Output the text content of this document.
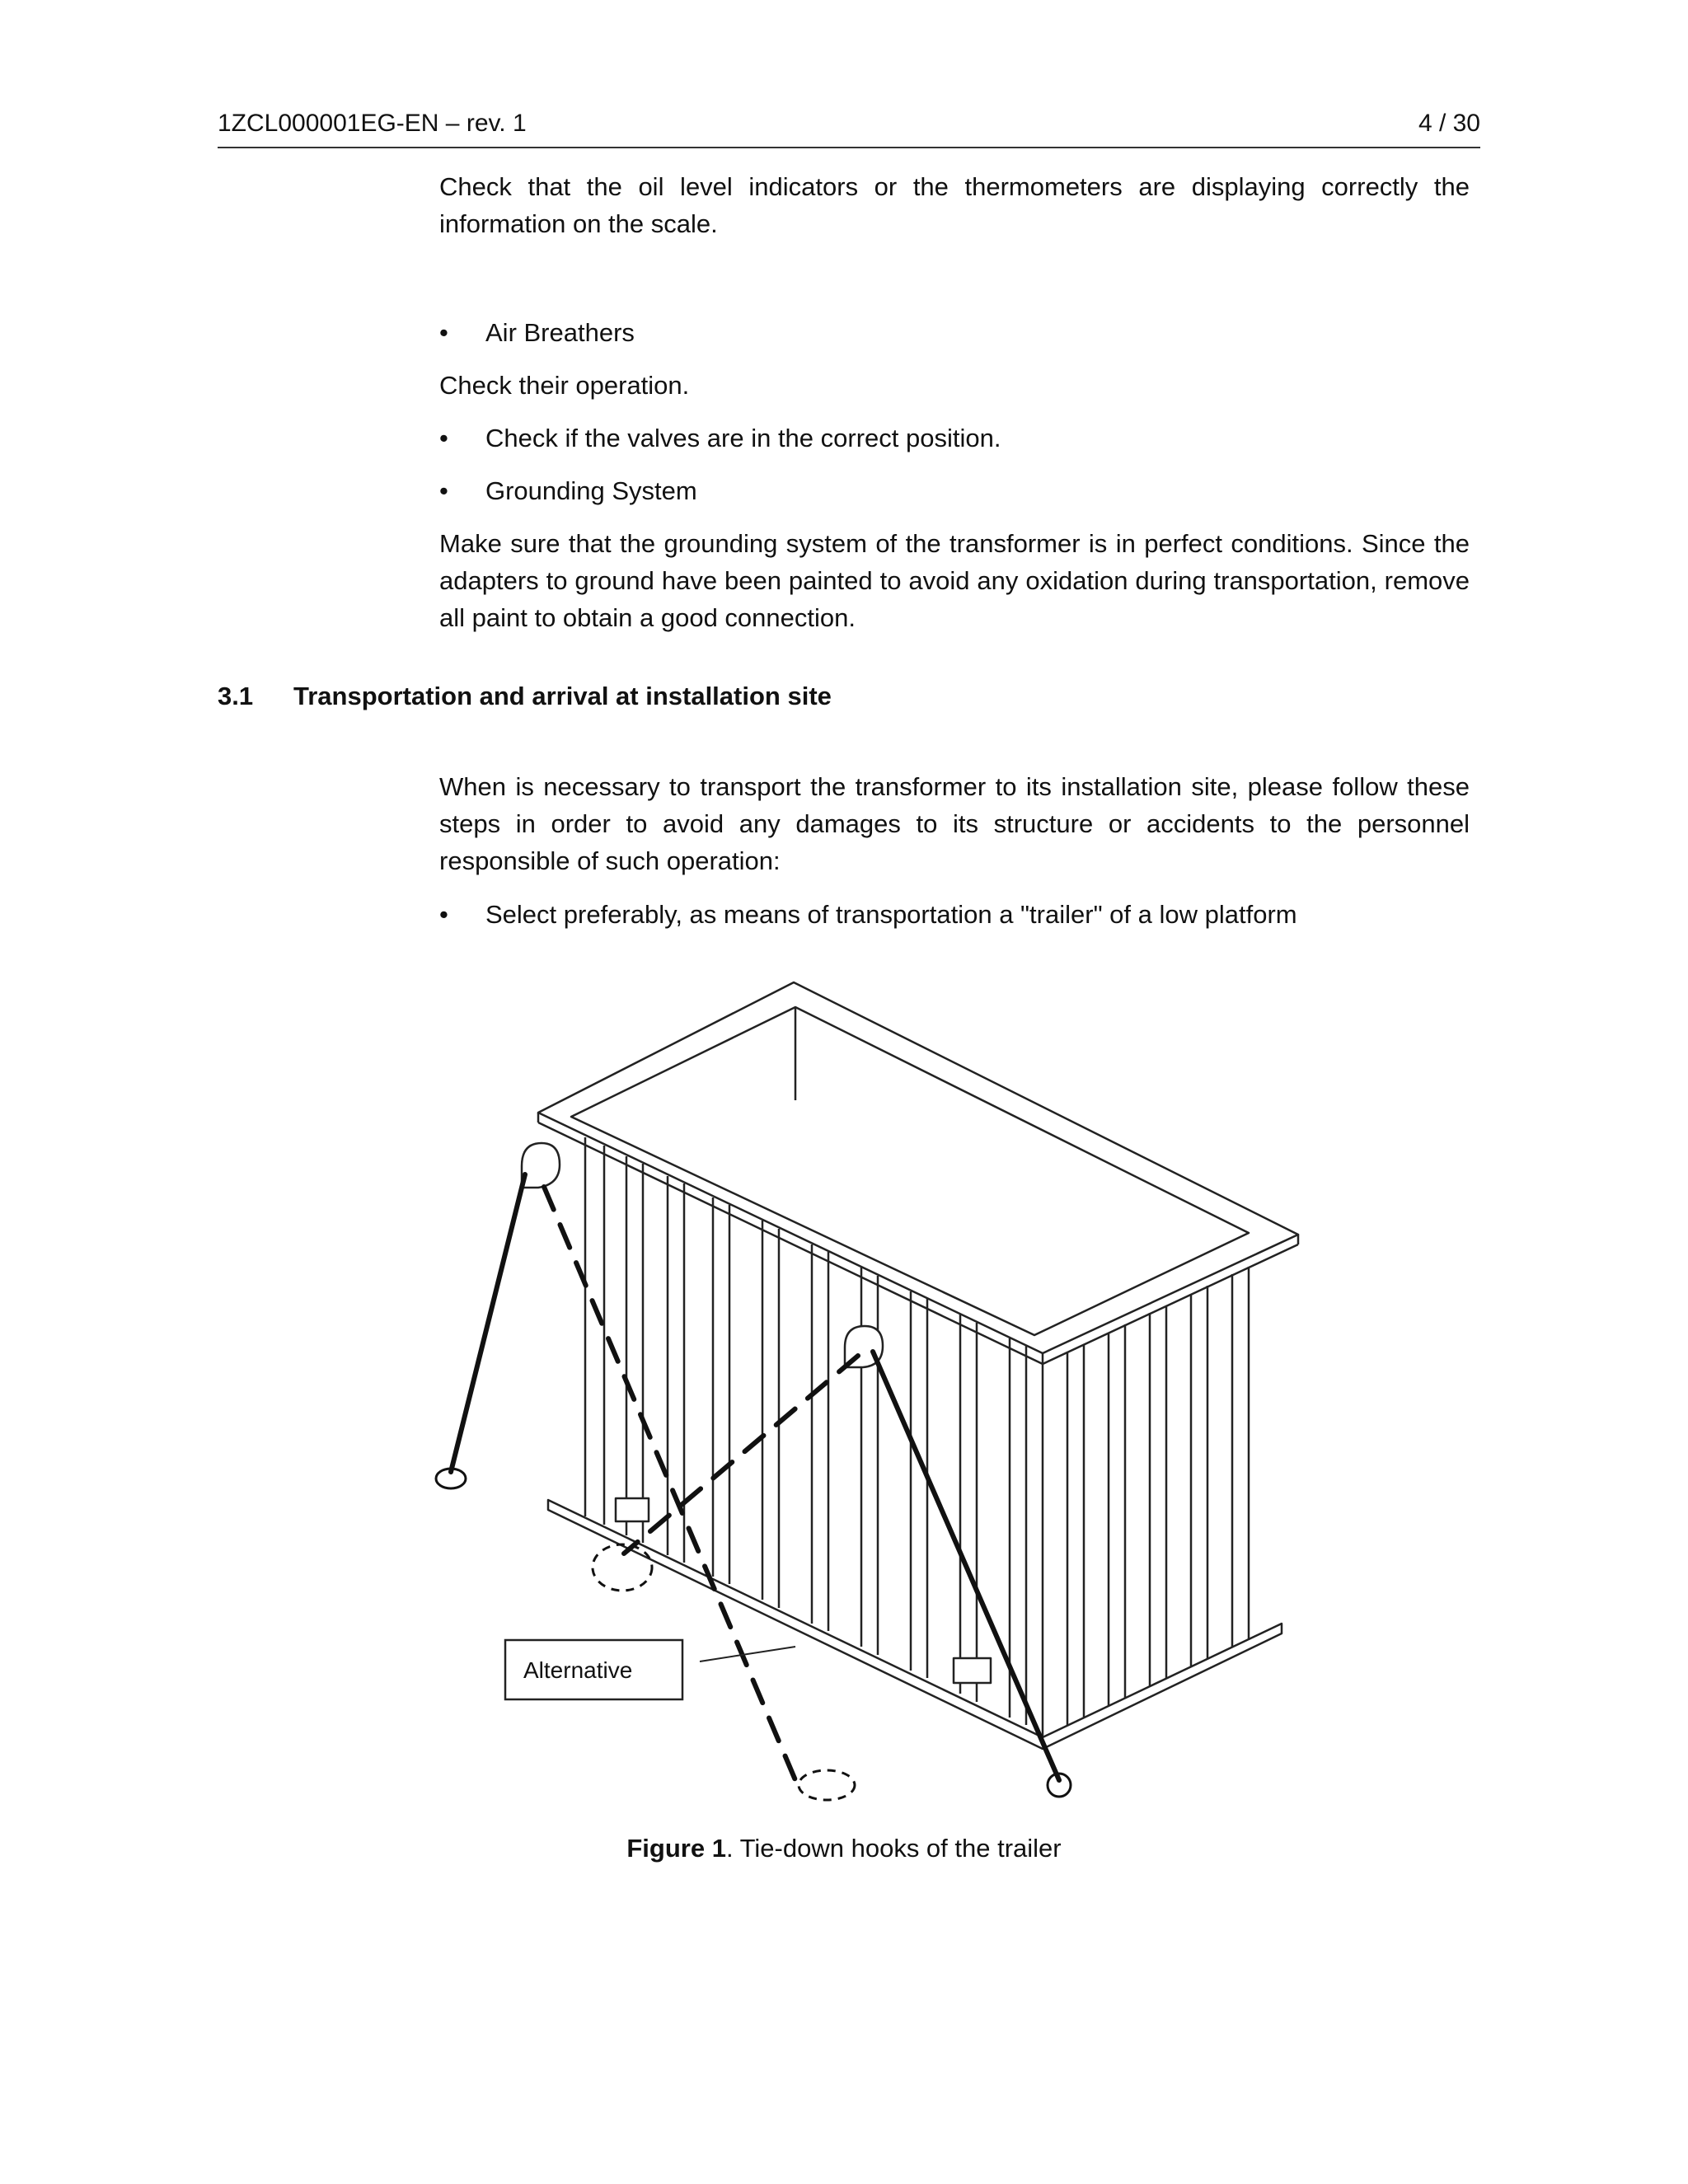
1ZCL000001EG-EN – rev. 1	4 / 30

Check that the oil level indicators or the thermometers are displaying correctly the information on the scale.

•	Air Breathers

Check their operation.

•	Check if the valves are in the correct position.
•	Grounding System

Make sure that the grounding system of the transformer is in perfect conditions. Since the adapters to ground have been painted to avoid any oxidation during transportation, remove all paint to obtain a good connection.

3.1 Transportation and arrival at installation site

When is necessary to transport the transformer to its installation site, please follow these steps in order to avoid any damages to its structure or accidents to the personnel responsible of such operation:

•	Select preferably, as means of transportation a "trailer" of a low platform
Alternative
Figure 1. Tie-down hooks of the trailer
